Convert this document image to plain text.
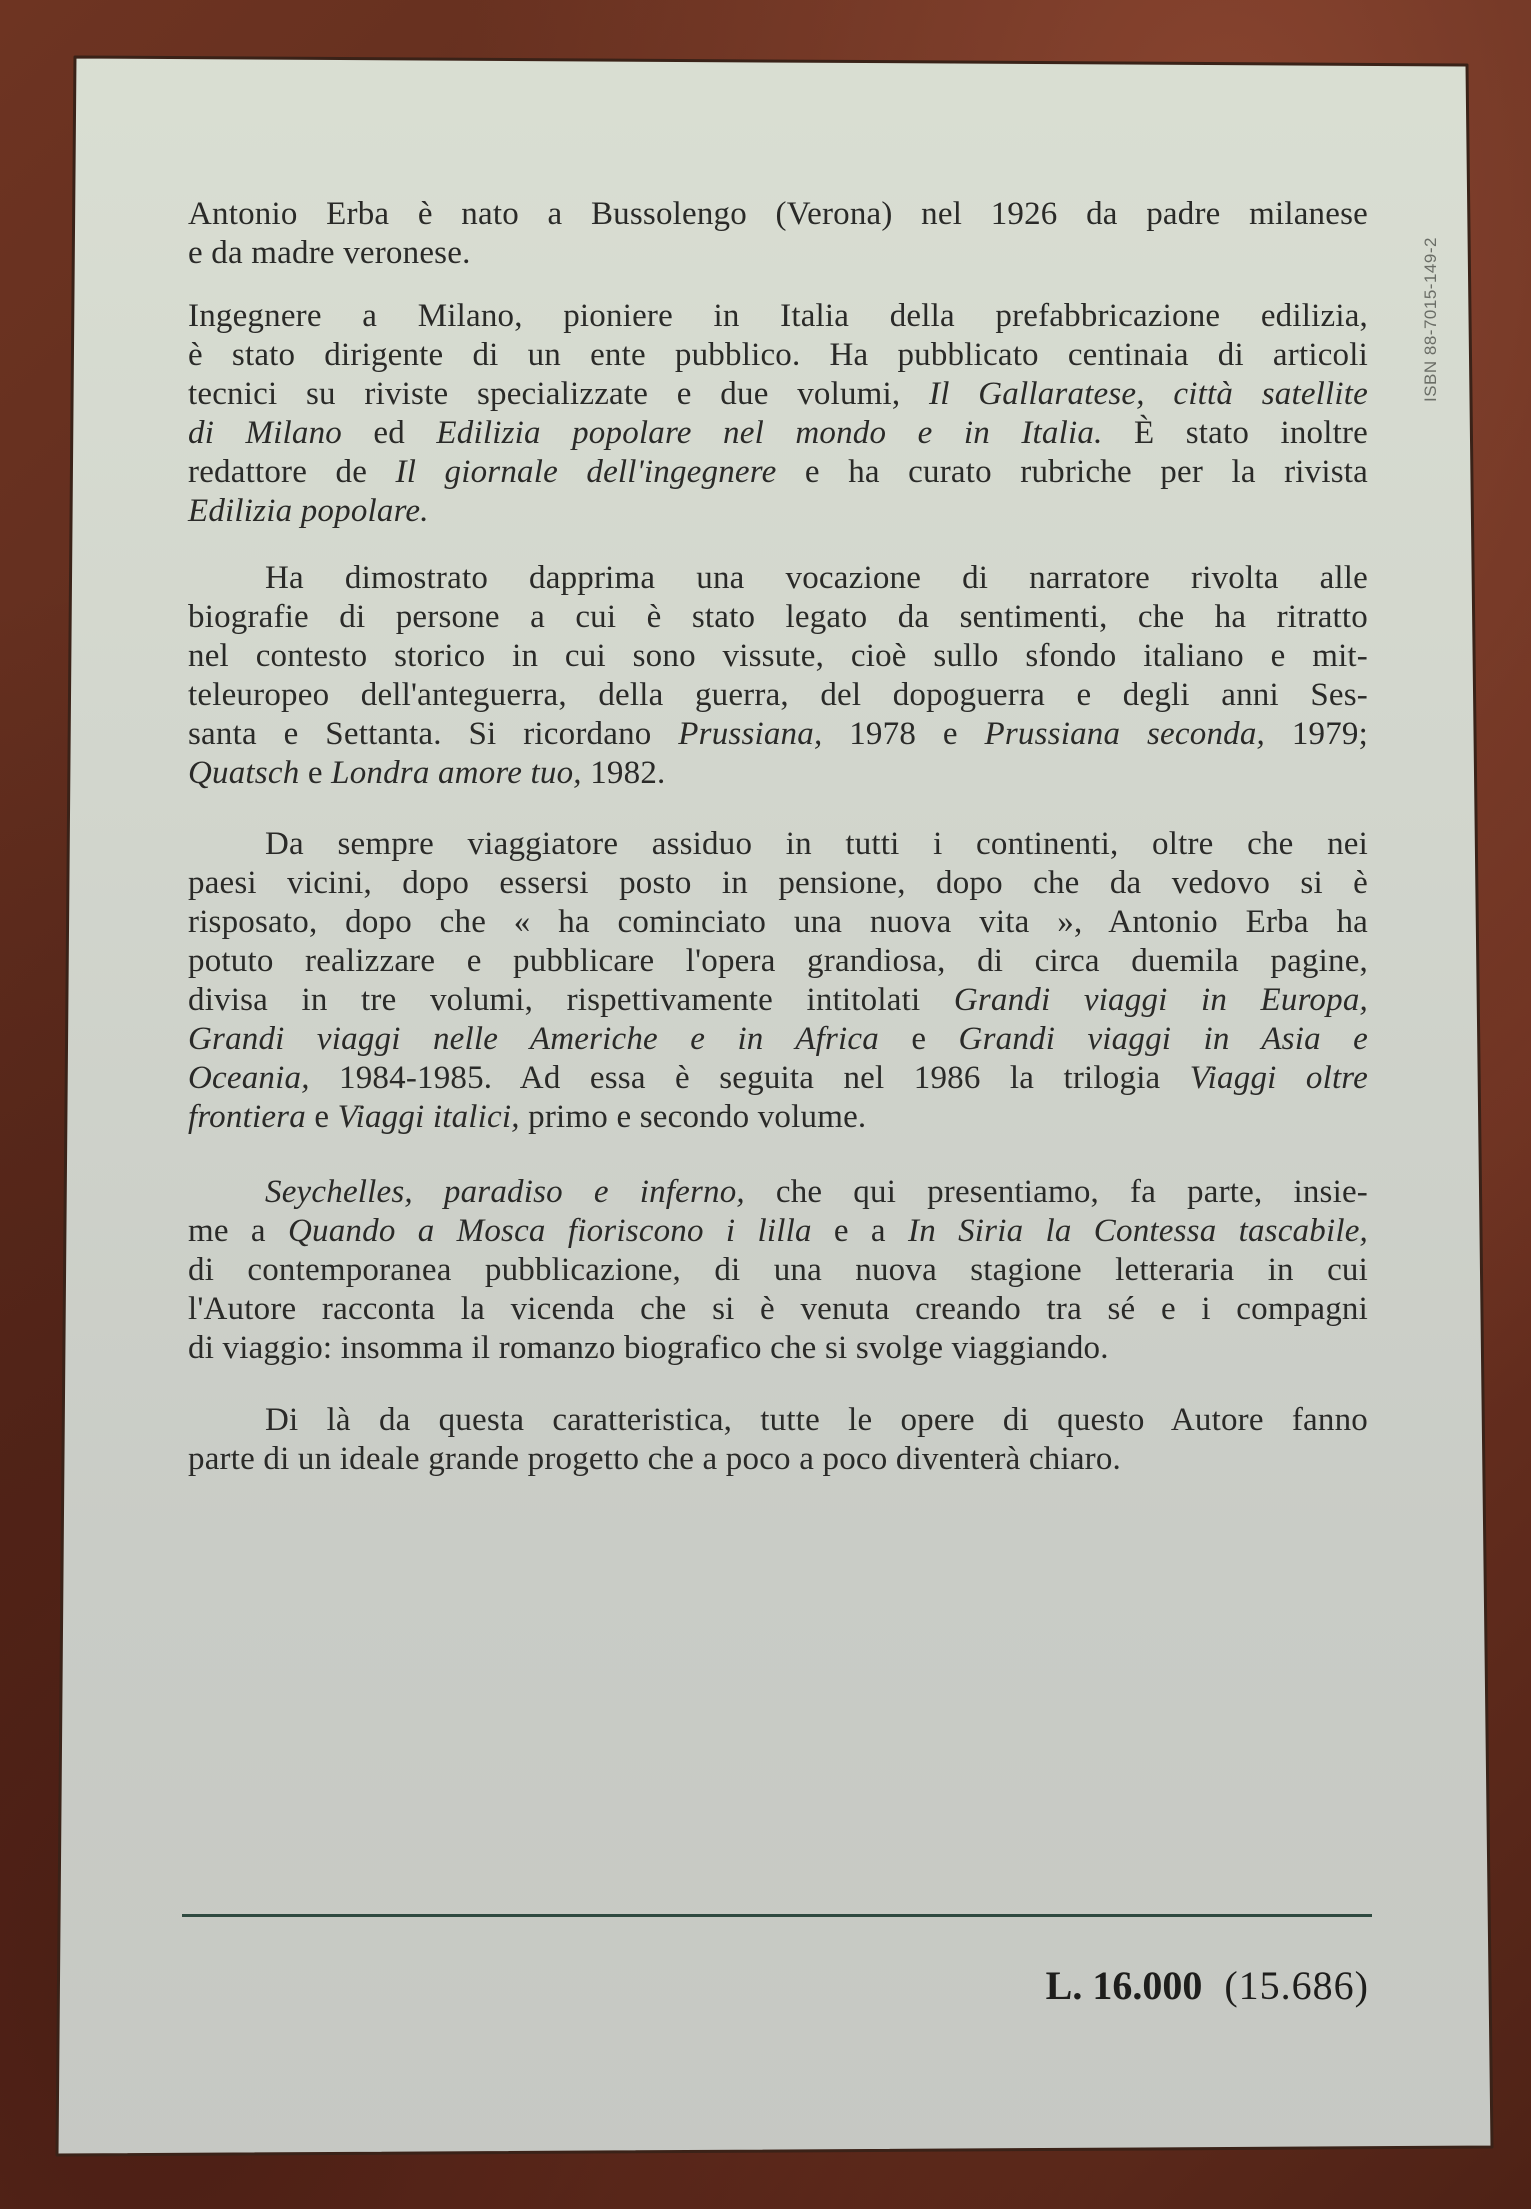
ISBN 88-7015-149-2
Antonio Erba è nato a Bussolengo (Verona) nel 1926 da padre milanese
e da madre veronese.
Ingegnere a Milano, pioniere in Italia della prefabbricazione edilizia,
è stato dirigente di un ente pubblico. Ha pubblicato centinaia di articoli
tecnici su riviste specializzate e due volumi, Il Gallaratese, città satellite
di Milano ed Edilizia popolare nel mondo e in Italia. È stato inoltre
redattore de Il giornale dell'ingegnere e ha curato rubriche per la rivista
Edilizia popolare.
Ha dimostrato dapprima una vocazione di narratore rivolta alle
biografie di persone a cui è stato legato da sentimenti, che ha ritratto
nel contesto storico in cui sono vissute, cioè sullo sfondo italiano e mit-
teleuropeo dell'anteguerra, della guerra, del dopoguerra e degli anni Ses-
santa e Settanta. Si ricordano Prussiana, 1978 e Prussiana seconda, 1979;
Quatsch e Londra amore tuo, 1982.
Da sempre viaggiatore assiduo in tutti i continenti, oltre che nei
paesi vicini, dopo essersi posto in pensione, dopo che da vedovo si è
risposato, dopo che « ha cominciato una nuova vita », Antonio Erba ha
potuto realizzare e pubblicare l'opera grandiosa, di circa duemila pagine,
divisa in tre volumi, rispettivamente intitolati Grandi viaggi in Europa,
Grandi viaggi nelle Americhe e in Africa e Grandi viaggi in Asia e
Oceania, 1984-1985. Ad essa è seguita nel 1986 la trilogia Viaggi oltre
frontiera e Viaggi italici, primo e secondo volume.
Seychelles, paradiso e inferno, che qui presentiamo, fa parte, insie-
me a Quando a Mosca fioriscono i lilla e a In Siria la Contessa tascabile,
di contemporanea pubblicazione, di una nuova stagione letteraria in cui
l'Autore racconta la vicenda che si è venuta creando tra sé e i compagni
di viaggio: insomma il romanzo biografico che si svolge viaggiando.
Di là da questa caratteristica, tutte le opere di questo Autore fanno
parte di un ideale grande progetto che a poco a poco diventerà chiaro.
L. 16.000 (15.686)
